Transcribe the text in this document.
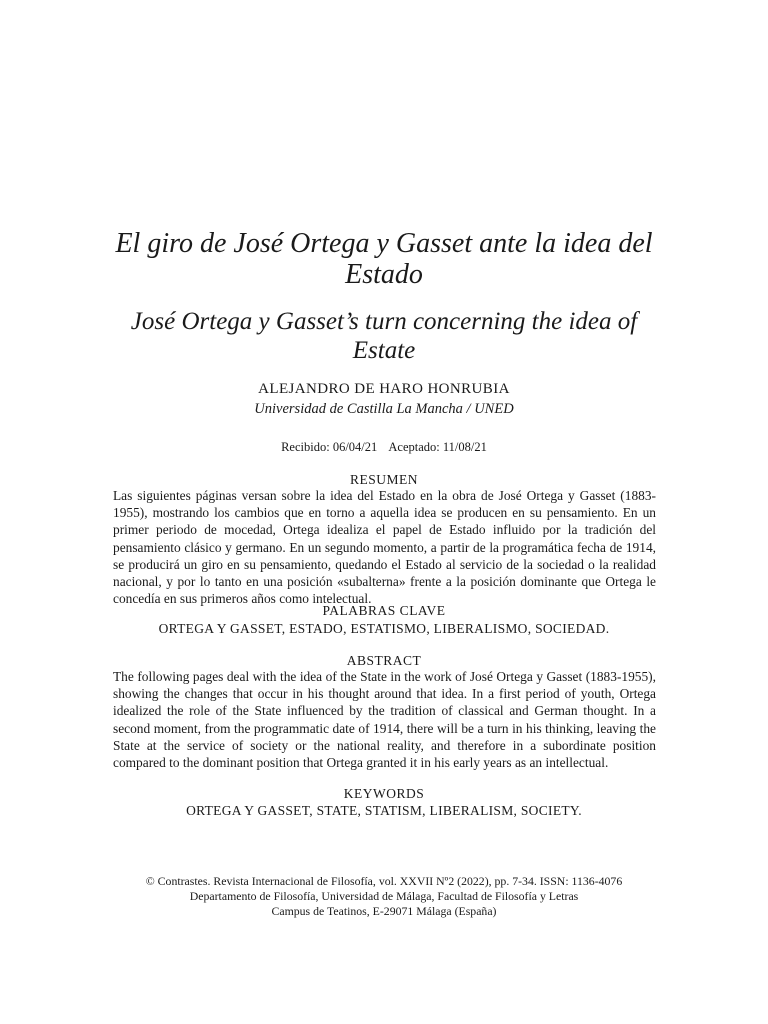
El giro de José Ortega y Gasset ante la idea del Estado
José Ortega y Gasset’s turn concerning the idea of Estate
ALEJANDRO DE HARO HONRUBIA
Universidad de Castilla La Mancha / UNED
Recibido: 06/04/21 Aceptado: 11/08/21
RESUMEN

Las siguientes páginas versan sobre la idea del Estado en la obra de José Ortega y Gasset (1883-1955), mostrando los cambios que en torno a aquella idea se producen en su pensamiento. En un primer periodo de mocedad, Ortega idealiza el papel de Estado influido por la tradición del pensamiento clásico y germano. En un segundo momento, a partir de la programática fecha de 1914, se producirá un giro en su pensamiento, quedando el Estado al servicio de la sociedad o la realidad nacional, y por lo tanto en una posición «subalterna» frente a la posición dominante que Ortega le concedía en sus primeros años como intelectual.

PALABRAS CLAVE
ORTEGA Y GASSET, ESTADO, ESTATISMO, LIBERALISMO, SOCIEDAD.
ABSTRACT

The following pages deal with the idea of the State in the work of José Ortega y Gasset (1883-1955), showing the changes that occur in his thought around that idea. In a first period of youth, Ortega idealized the role of the State influenced by the tradition of classical and German thought. In a second moment, from the programmatic date of 1914, there will be a turn in his thinking, leaving the State at the service of society or the national reality, and therefore in a subordinate position compared to the dominant position that Ortega granted it in his early years as an intellectual.

KEYWORDS
ORTEGA Y GASSET, STATE, STATISM, LIBERALISM, SOCIETY.
© Contrastes. Revista Internacional de Filosofía, vol. XXVII Nº2 (2022), pp. 7-34. ISSN: 1136-4076
Departamento de Filosofía, Universidad de Málaga, Facultad de Filosofía y Letras
Campus de Teatinos, E-29071 Málaga (España)
